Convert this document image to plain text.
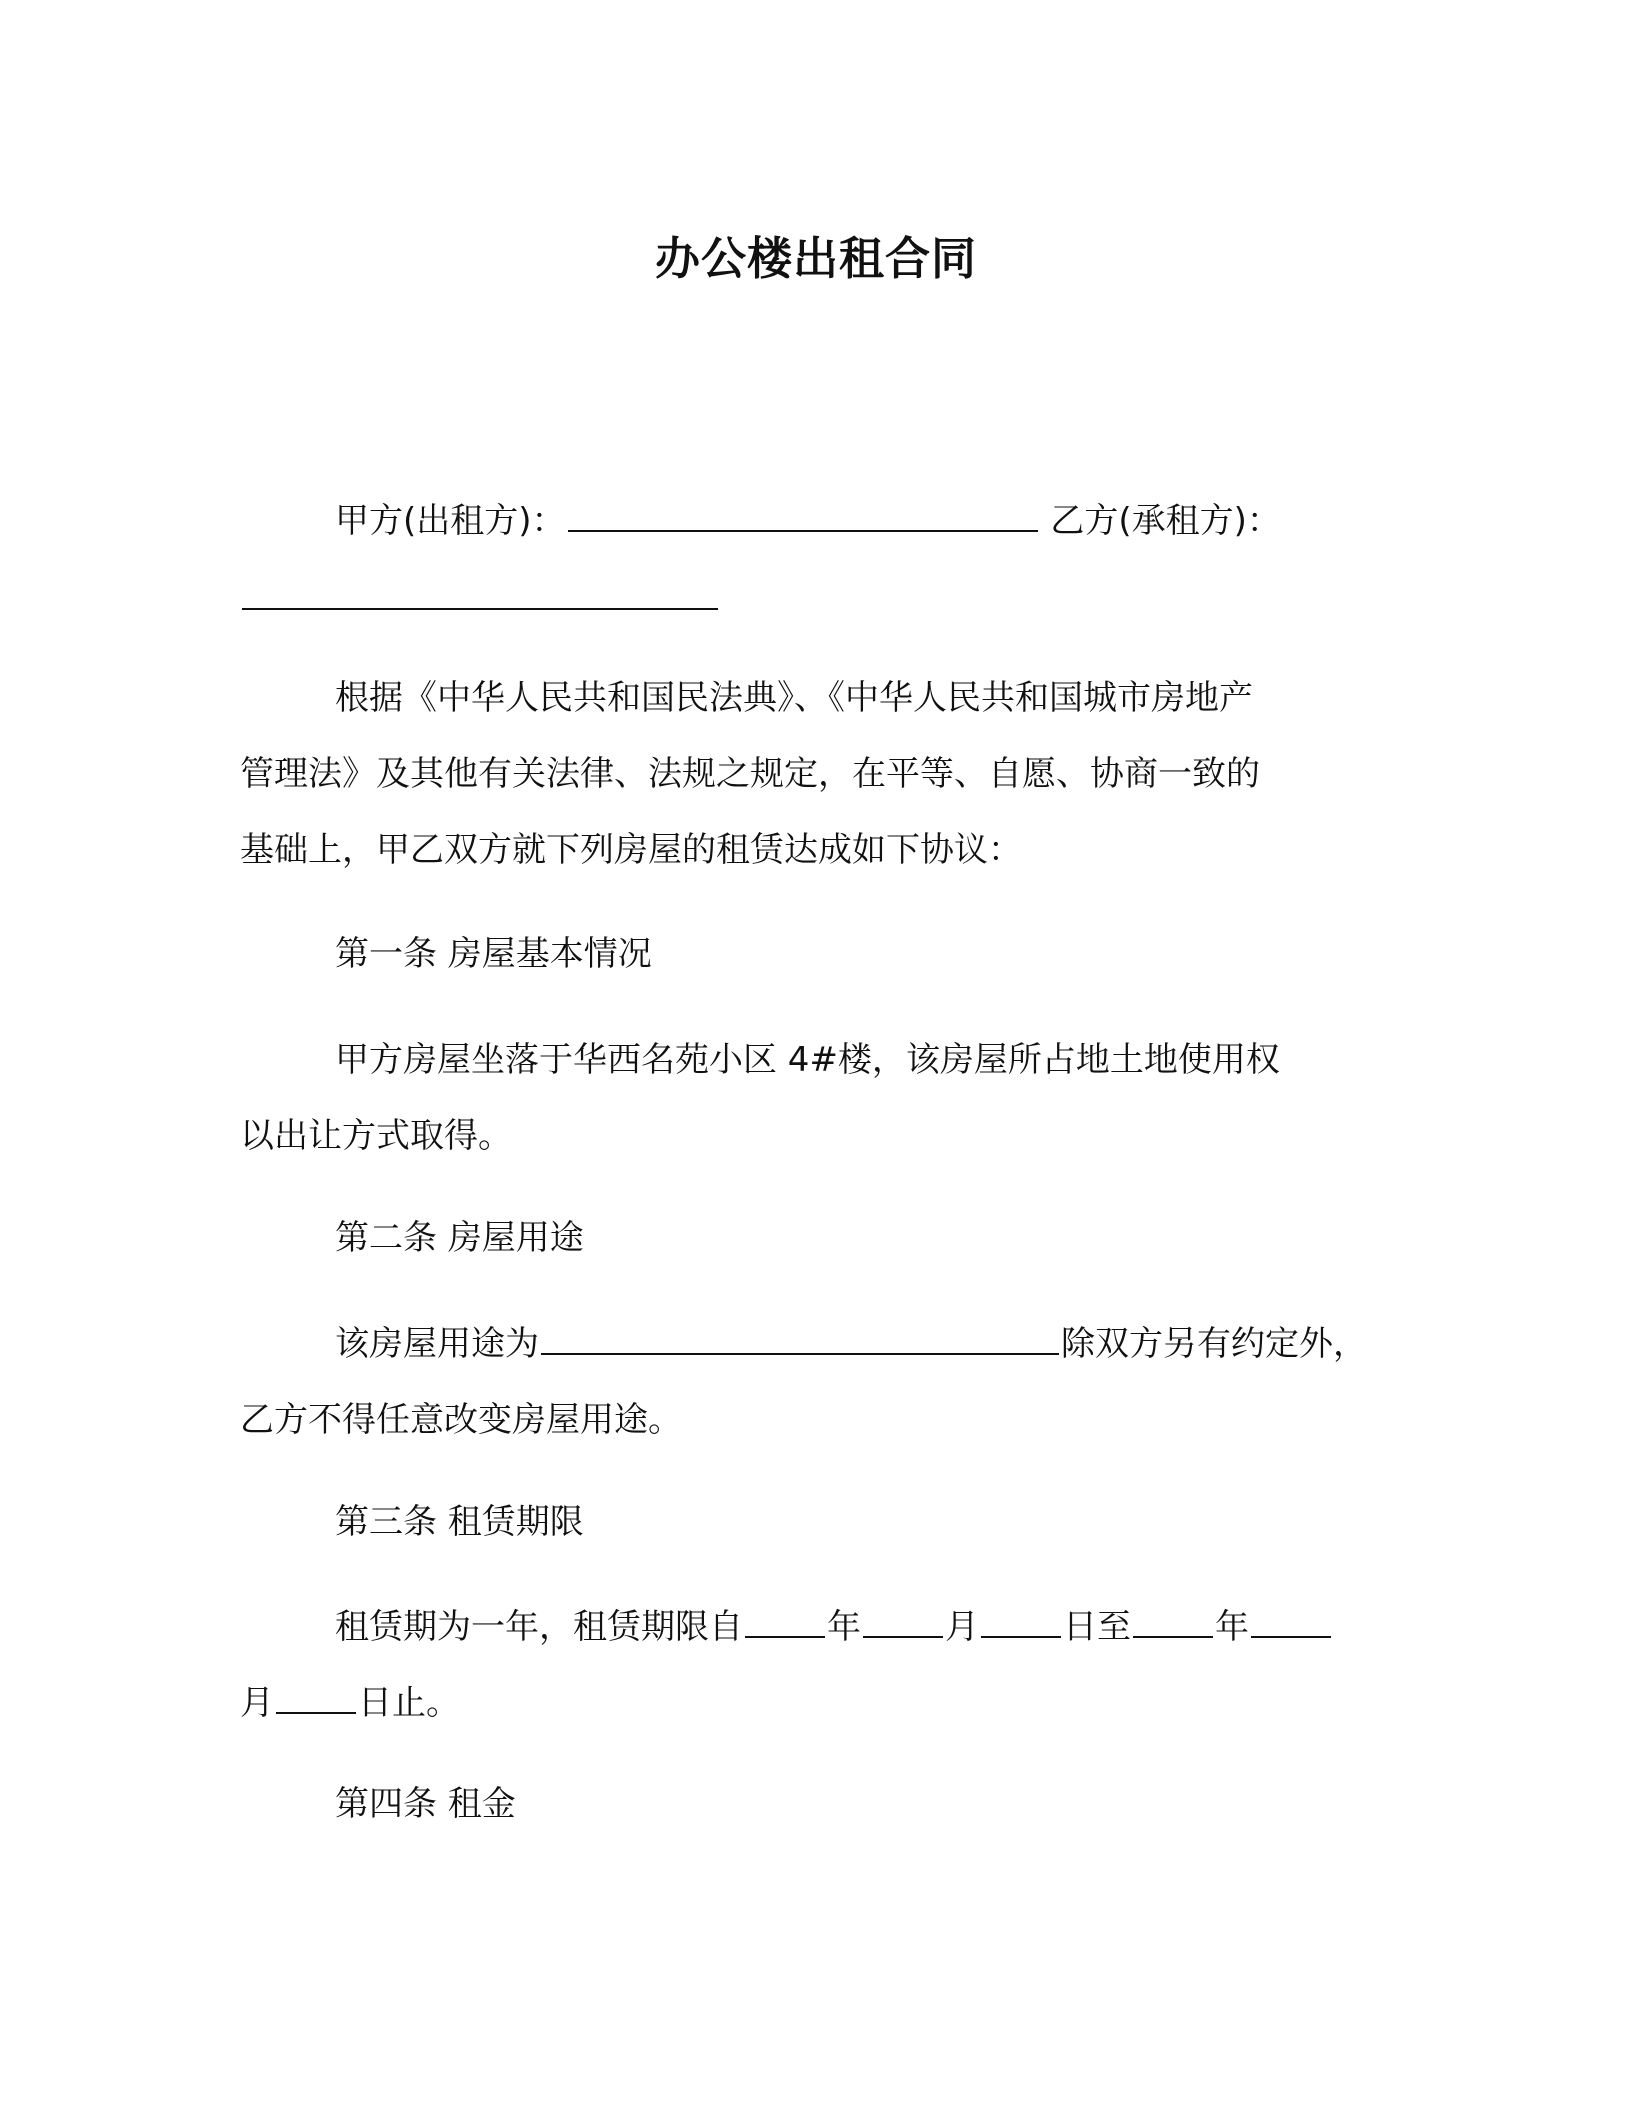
办公楼出租合同
甲方(出租方)：	乙方(承租方)：
根据《中华人民共和国民法典》、《中华人民共和国城市房地产
管理法》及其他有关法律、法规之规定，在平等、自愿、协商一致的
基础上，甲乙双方就下列房屋的租赁达成如下协议：
第一条 房屋基本情况
甲方房屋坐落于华西名苑小区 4#楼，该房屋所占地土地使用权
以出让方式取得。
第二条 房屋用途
该房屋用途为	除双方另有约定外，
乙方不得任意改变房屋用途。
第三条 租赁期限
租赁期为一年，租赁期限自 年 月 日至 年
月 日止。
第四条 租金
